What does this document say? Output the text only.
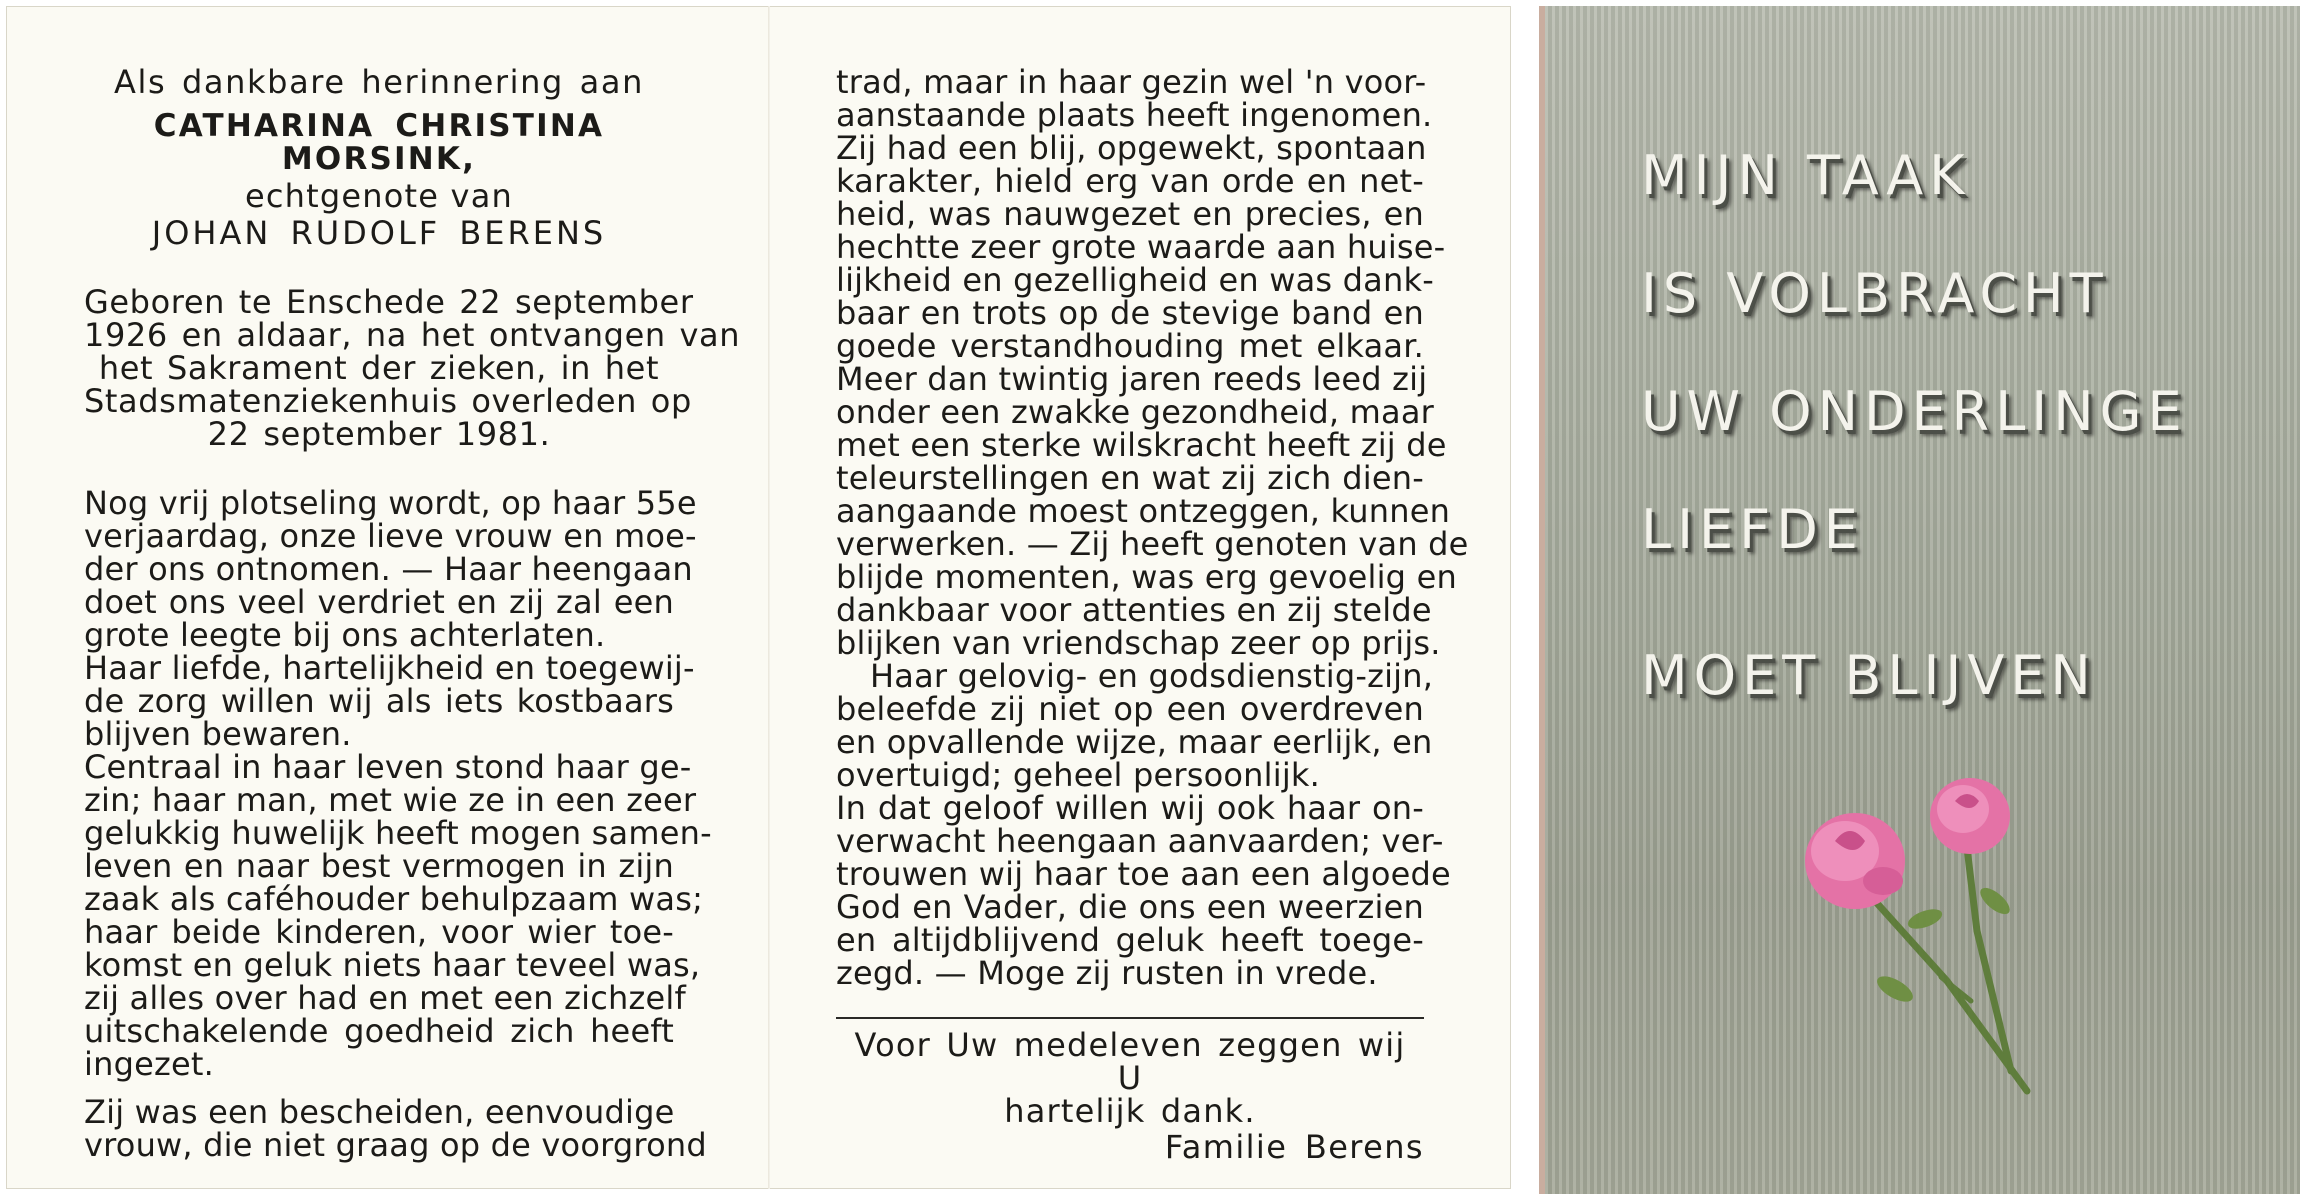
Als dankbare herinnering aan
CATHARINA CHRISTINA MORSINK,
echtgenote van
JOHAN RUDOLF BERENS
Geboren te Enschede 22 september
1926 en aldaar, na het ontvangen van
het Sakrament der zieken, in het
Stadsmatenziekenhuis overleden op
22 september 1981.
Nog vrij plotseling wordt, op haar 55e
verjaardag, onze lieve vrouw en moe-
der ons ontnomen. — Haar heengaan
doet ons veel verdriet en zij zal een
grote leegte bij ons achterlaten.
Haar liefde, hartelijkheid en toegewij-
de zorg willen wij als iets kostbaars
blijven bewaren.
Centraal in haar leven stond haar ge-
zin; haar man, met wie ze in een zeer
gelukkig huwelijk heeft mogen samen-
leven en naar best vermogen in zijn
zaak als caféhouder behulpzaam was;
haar beide kinderen, voor wier toe-
komst en geluk niets haar teveel was,
zij alles over had en met een zichzelf
uitschakelende goedheid zich heeft
ingezet.
Zij was een bescheiden, eenvoudige
vrouw, die niet graag op de voorgrond
trad, maar in haar gezin wel 'n voor-
aanstaande plaats heeft ingenomen.
Zij had een blij, opgewekt, spontaan
karakter, hield erg van orde en net-
heid, was nauwgezet en precies, en
hechtte zeer grote waarde aan huise-
lijkheid en gezelligheid en was dank-
baar en trots op de stevige band en
goede verstandhouding met elkaar.
Meer dan twintig jaren reeds leed zij
onder een zwakke gezondheid, maar
met een sterke wilskracht heeft zij de
teleurstellingen en wat zij zich dien-
aangaande moest ontzeggen, kunnen
verwerken. — Zij heeft genoten van de
blijde momenten, was erg gevoelig en
dankbaar voor attenties en zij stelde
blijken van vriendschap zeer op prijs.
Haar gelovig- en godsdienstig-zijn,
beleefde zij niet op een overdreven
en opvallende wijze, maar eerlijk, en
overtuigd; geheel persoonlijk.
In dat geloof willen wij ook haar on-
verwacht heengaan aanvaarden; ver-
trouwen wij haar toe aan een algoede
God en Vader, die ons een weerzien
en altijdblijvend geluk heeft toege-
zegd. — Moge zij rusten in vrede.
Voor Uw medeleven zeggen wij U
hartelijk dank.
Familie Berens
MIJN TAAK
IS VOLBRACHT
UW ONDERLINGE
LIEFDE
MOET BLIJVEN
